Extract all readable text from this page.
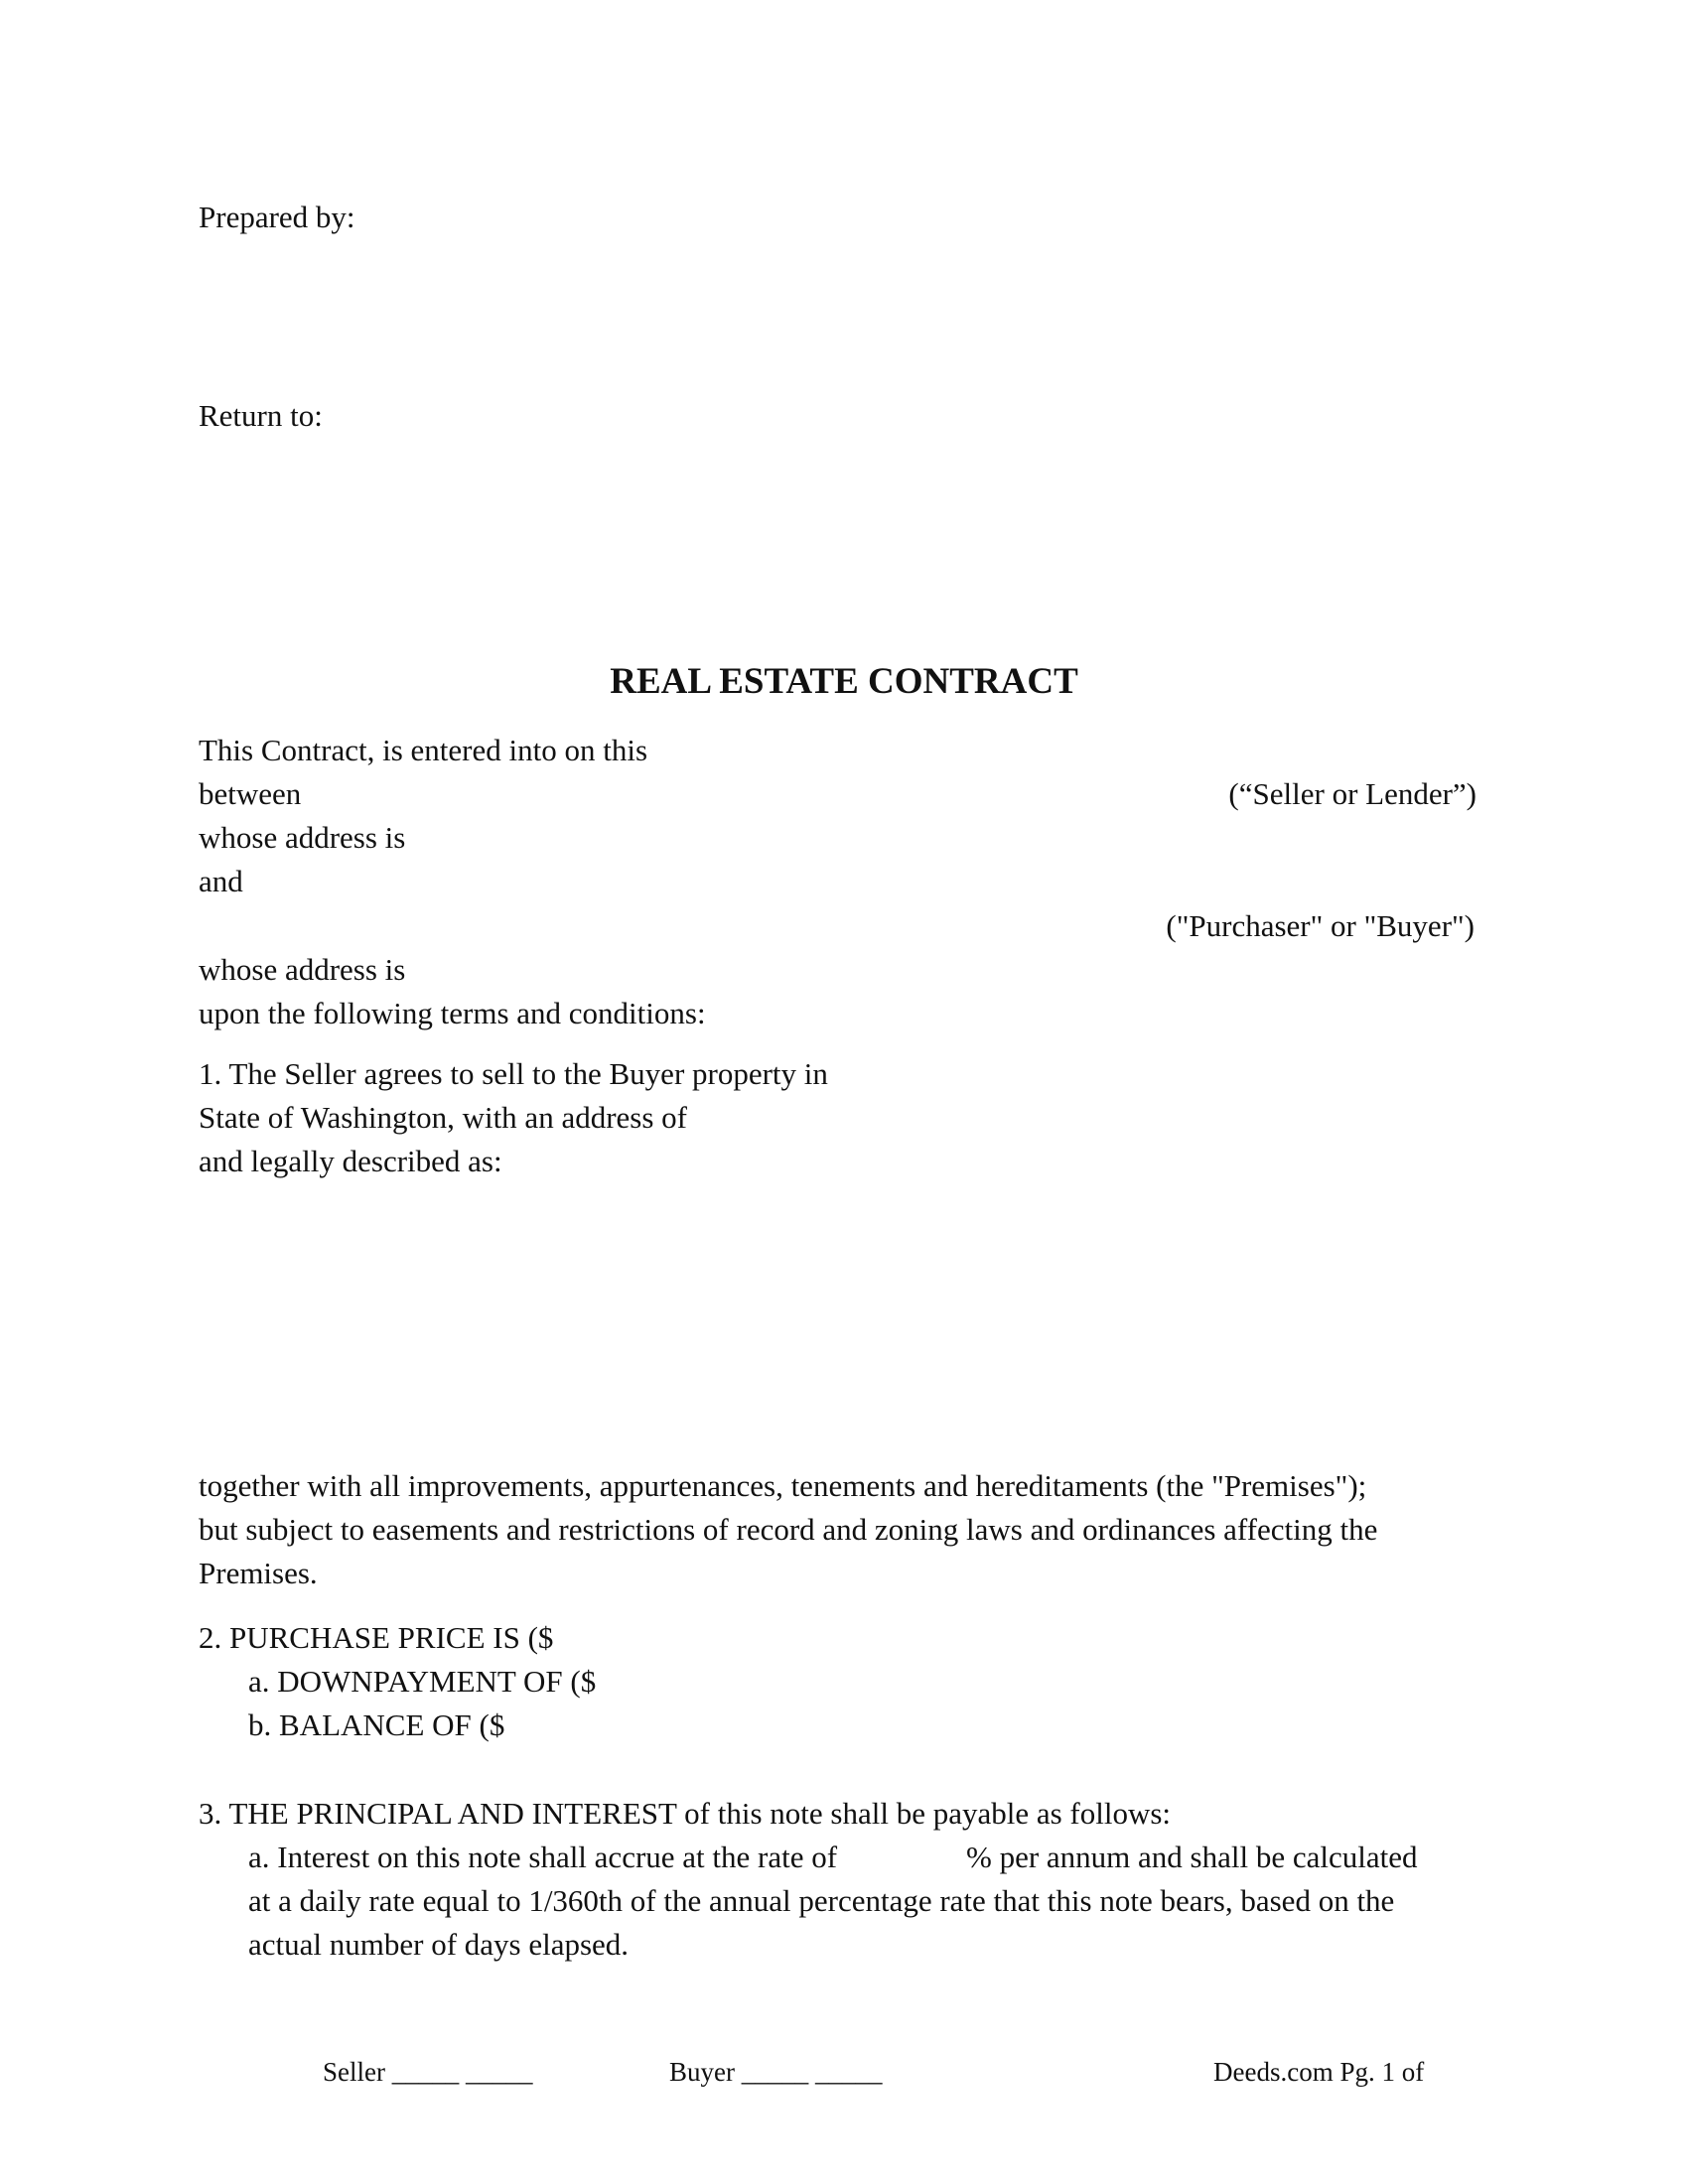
Prepared by:
Return to:
REAL ESTATE CONTRACT
This Contract, is entered into on this
between	(“Seller or Lender”)
whose address is
and
("Purchaser" or "Buyer")
whose address is
upon the following terms and conditions:
1. The Seller agrees to sell to the Buyer property in
State of Washington, with an address of
and legally described as:
together with all improvements, appurtenances, tenements and hereditaments (the "Premises");
but subject to easements and restrictions of record and zoning laws and ordinances affecting the
Premises.
2. PURCHASE PRICE IS ($
a. DOWNPAYMENT OF ($
b. BALANCE OF ($
3. THE PRINCIPAL AND INTEREST of this note shall be payable as follows:
a. Interest on this note shall accrue at the rate of	% per annum and shall be calculated
at a daily rate equal to 1/360th of the annual percentage rate that this note bears, based on the
actual number of days elapsed.
Seller _____ _____	Buyer _____ _____	Deeds.com Pg. 1 of
